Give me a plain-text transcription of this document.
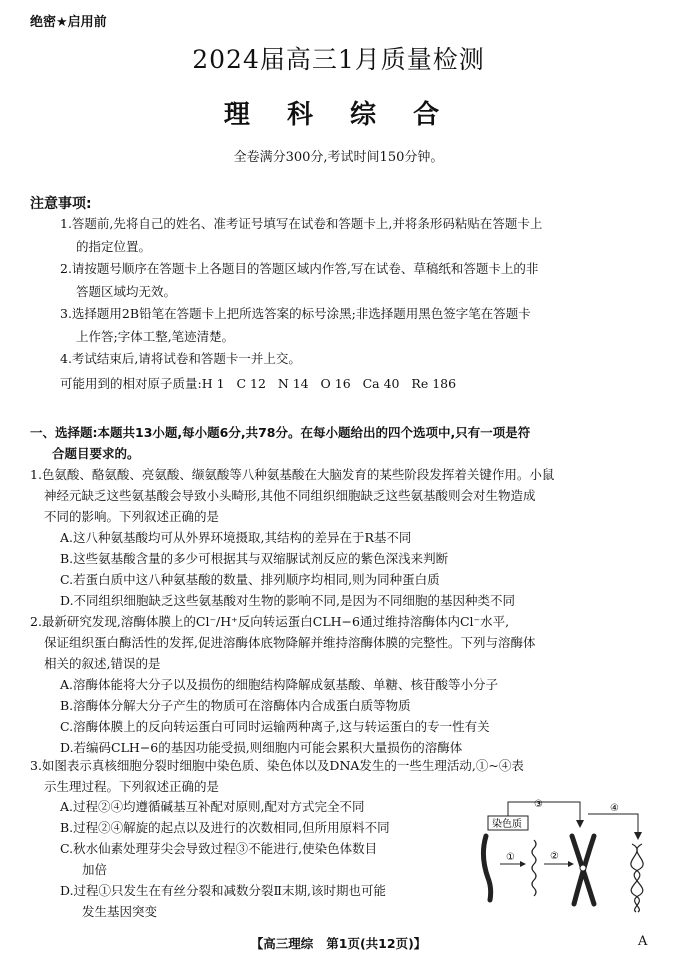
绝密★启用前
2024届高三1月质量检测
理 科 综 合
全卷满分300分,考试时间150分钟。
注意事项:

1.答题前,先将自己的姓名、准考证号填写在试卷和答题卡上,并将条形码粘贴在答题卡上

的指定位置。

2.请按题号顺序在答题卡上各题目的答题区域内作答,写在试卷、草稿纸和答题卡上的非

答题区域均无效。

3.选择题用2B铅笔在答题卡上把所选答案的标号涂黑;非选择题用黑色签字笔在答题卡

上作答;字体工整,笔迹清楚。

4.考试结束后,请将试卷和答题卡一并上交。

可能用到的相对原子质量:H 1   C 12   N 14   O 16   Ca 40   Re 186
一、选择题:本题共13小题,每小题6分,共78分。在每小题给出的四个选项中,只有一项是符
合题目要求的。

1.色氨酸、酪氨酸、亮氨酸、缬氨酸等八种氨基酸在大脑发育的某些阶段发挥着关键作用。小鼠

神经元缺乏这些氨基酸会导致小头畸形,其他不同组织细胞缺乏这些氨基酸则会对生物造成

不同的影响。下列叙述正确的是

A.这八种氨基酸均可从外界环境摄取,其结构的差异在于R基不同

B.这些氨基酸含量的多少可根据其与双缩脲试剂反应的紫色深浅来判断

C.若蛋白质中这八种氨基酸的数量、排列顺序均相同,则为同种蛋白质

D.不同组织细胞缺乏这些氨基酸对生物的影响不同,是因为不同细胞的基因种类不同

2.最新研究发现,溶酶体膜上的Cl⁻/H⁺反向转运蛋白CLH−6通过维持溶酶体内Cl⁻水平,

保证组织蛋白酶活性的发挥,促进溶酶体底物降解并维持溶酶体膜的完整性。下列与溶酶体

相关的叙述,错误的是

A.溶酶体能将大分子以及损伤的细胞结构降解成氨基酸、单糖、核苷酸等小分子

B.溶酶体分解大分子产生的物质可在溶酶体内合成蛋白质等物质

C.溶酶体膜上的反向转运蛋白可同时运输两种离子,这与转运蛋白的专一性有关

D.若编码CLH−6的基因功能受损,则细胞内可能会累积大量损伤的溶酶体

3.如图表示真核细胞分裂时细胞中染色质、染色体以及DNA发生的一些生理活动,①~④表

示生理过程。下列叙述正确的是

A.过程②④均遵循碱基互补配对原则,配对方式完全不同

B.过程②④解旋的起点以及进行的次数相同,但所用原料不同

C.秋水仙素处理芽尖会导致过程③不能进行,使染色体数目

加倍

D.过程①只发生在有丝分裂和减数分裂Ⅱ末期,该时期也可能

发生基因突变

染色质
③	④
①	②
【高三理综   第1页(共12页)】	A
